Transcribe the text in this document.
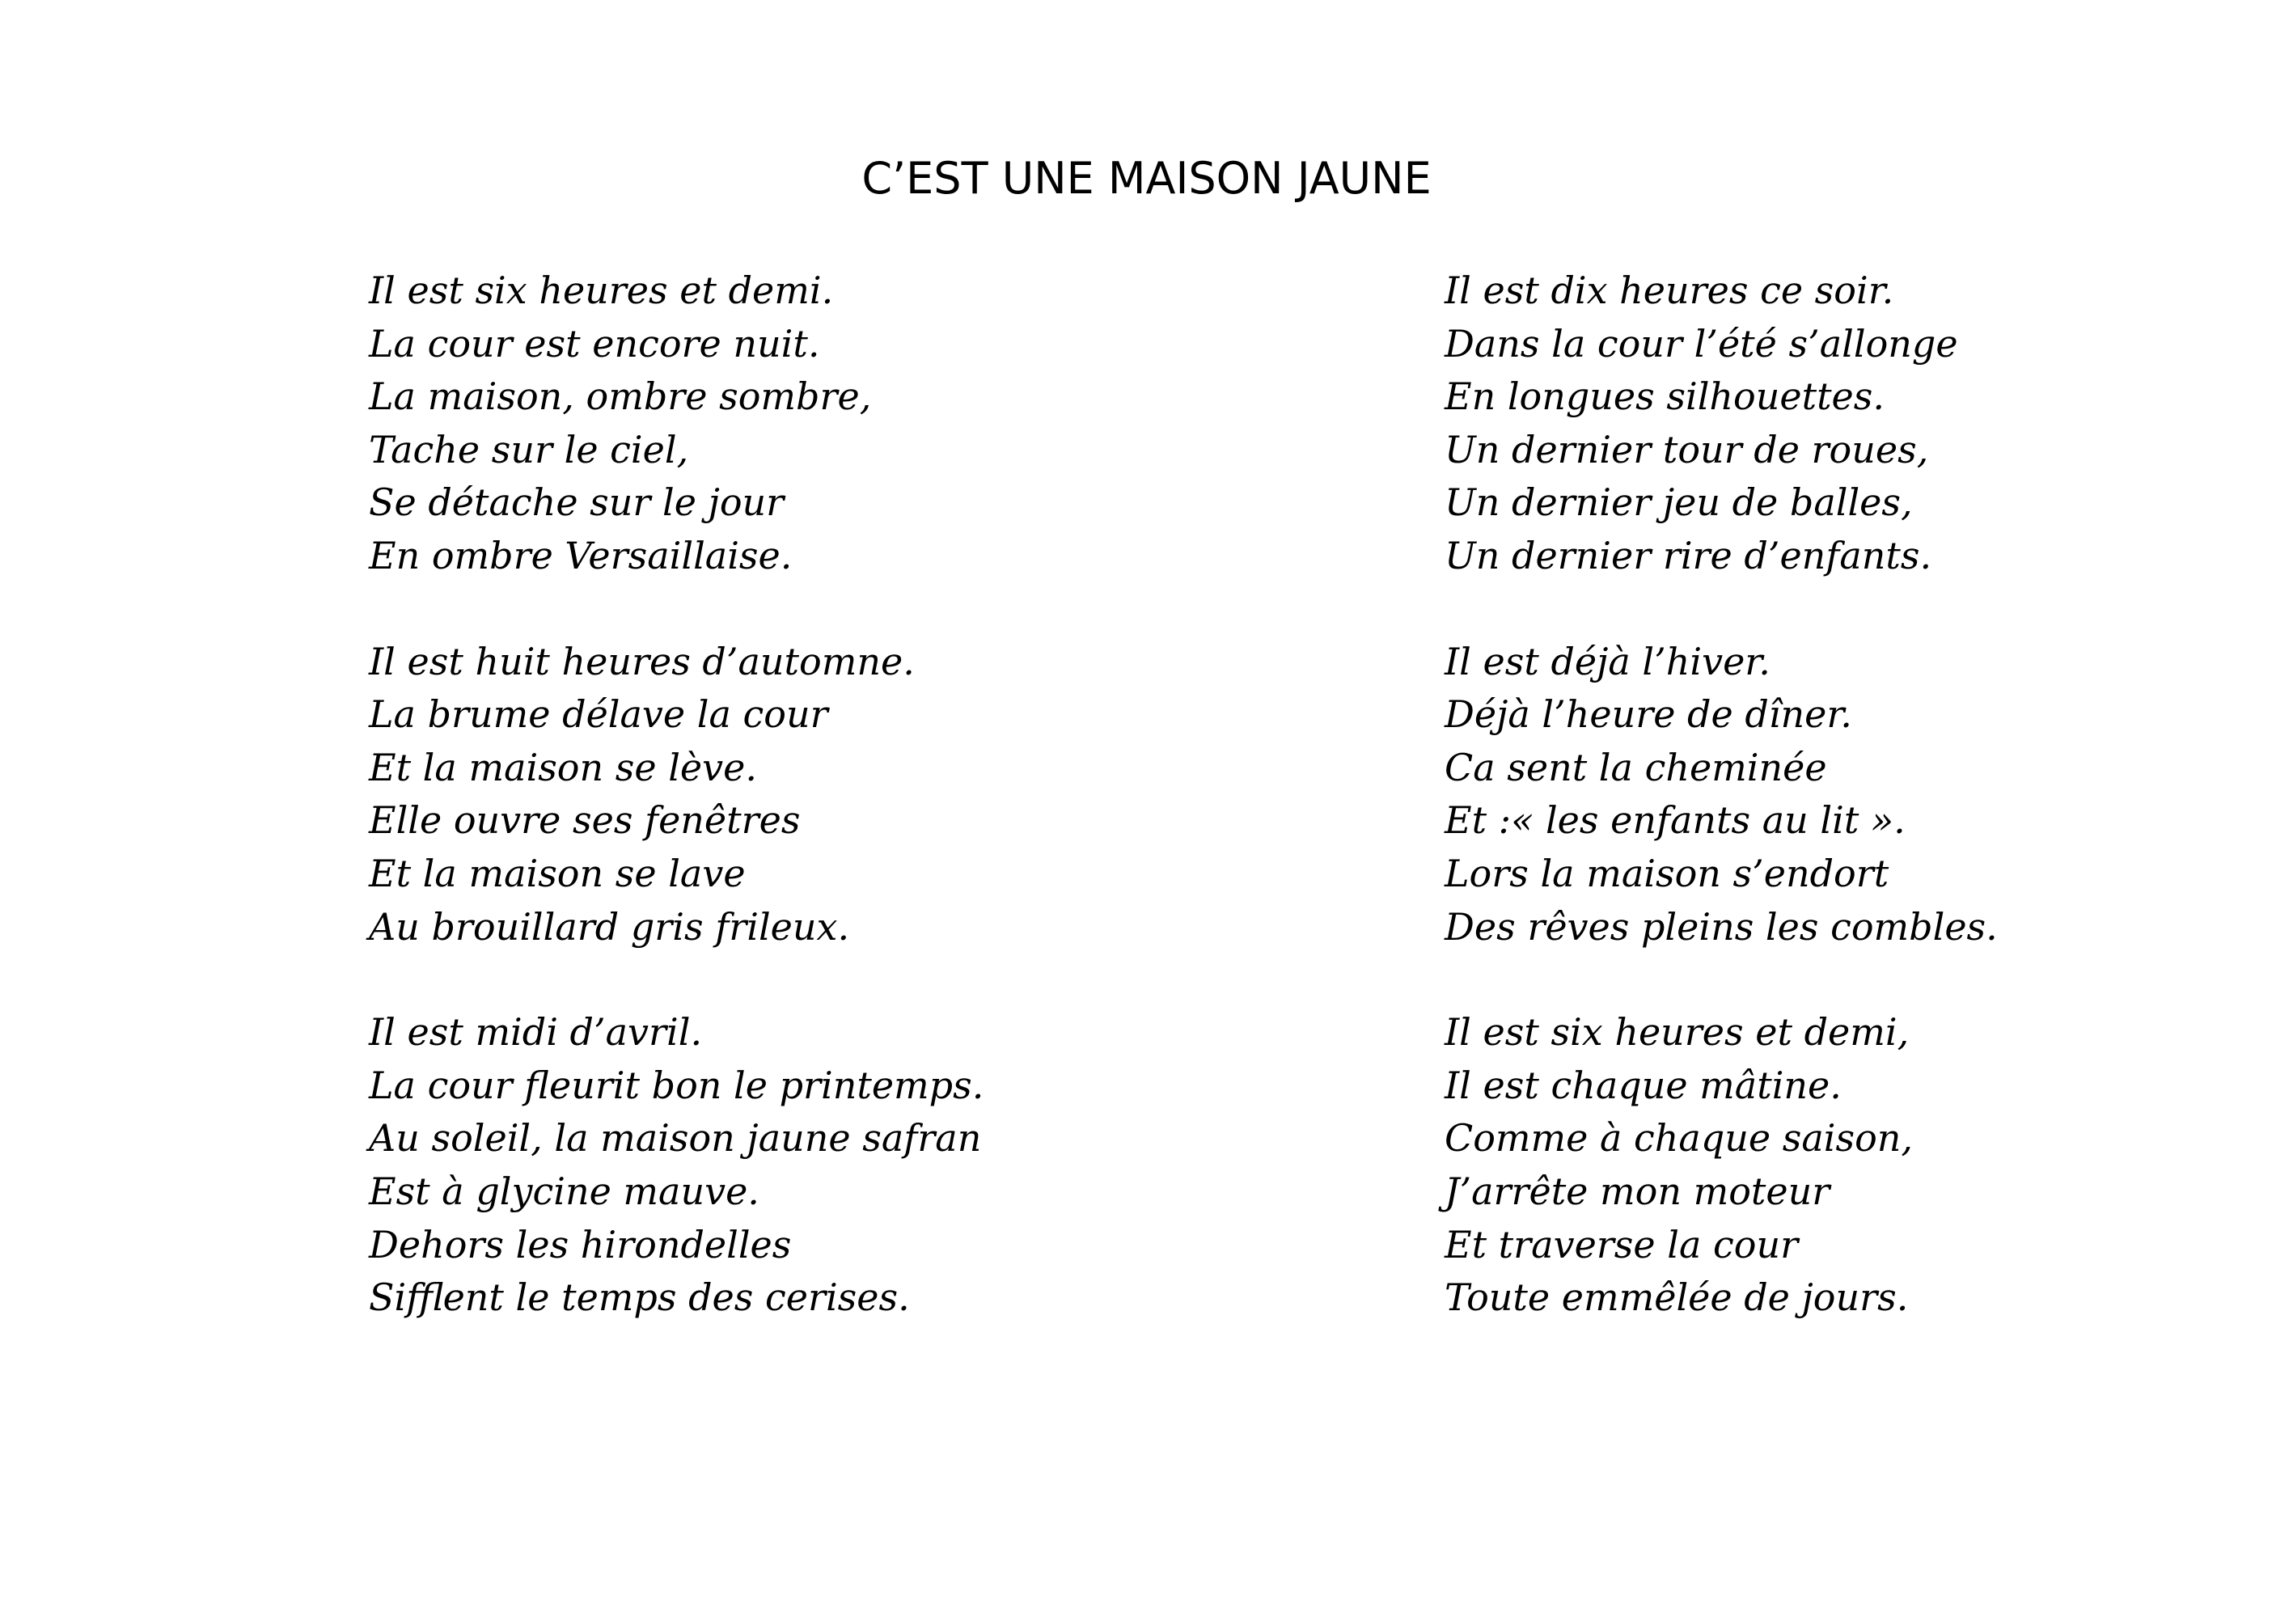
C’EST UNE MAISON JAUNE
Il est six heures et demi.
La cour est encore nuit.
La maison, ombre sombre,
Tache sur le ciel,
Se détache sur le jour
En ombre Versaillaise.
Il est huit heures d’automne.
La brume délave la cour
Et la maison se lève.
Elle ouvre ses fenêtres
Et la maison se lave
Au brouillard gris frileux.
Il est midi d’avril.
La cour fleurit bon le printemps.
Au soleil, la maison jaune safran
Est à glycine mauve.
Dehors les hirondelles
Sifflent le temps des cerises.
Il est dix heures ce soir.
Dans la cour l’été s’allonge
En longues silhouettes.
Un dernier tour de roues,
Un dernier jeu de balles,
Un dernier rire d’enfants.
Il est déjà l’hiver.
Déjà l’heure de dîner.
Ca sent la cheminée
Et :« les enfants au lit ».
Lors la maison s’endort
Des rêves pleins les combles.
Il est six heures et demi,
Il est chaque mâtine.
Comme à chaque saison,
J’arrête mon moteur
Et traverse la cour
Toute emmêlée de jours.
